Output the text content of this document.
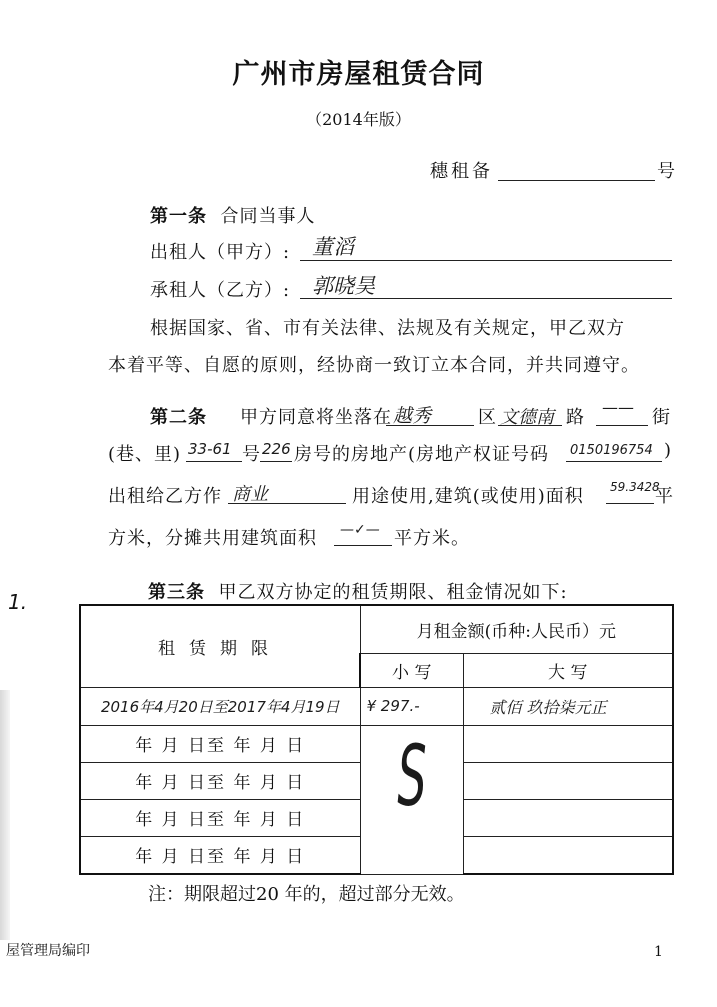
广州市房屋租赁合同
（2014年版）
穗租备	号
第一条 合同当事人
出租人（甲方）: 董滔
承租人（乙方）: 郭晓昊
根据国家、省、市有关法律、法规及有关规定，甲乙双方
本着平等、自愿的原则，经协商一致订立本合同，并共同遵守。
第二条 甲方同意将坐落在 越秀	区 文德南 路 —— 街
(巷、里) 33-61 号 226 房号的房地产(房地产权证号码 0150196754 )
出租给乙方作 商业	用途使用,建筑(或使用)面积 59.3428
平
方米，分摊共用建筑面积 —✓— 平方米。
1.	第三条 甲乙双方协定的租赁期限、租金情况如下:
租赁期限	月租金额(币种:人民币）元	
	小 写	大 写
2016年4月20日至2017年4月19日	¥ 297.-	贰佰 玖拾柒元正
年 月 日至 年 月 日	S	

年 月 日至 年 月 日		
年 月 日至 年 月 日		
年 月 日至 年 月 日		
注：期限超过20 年的，超过部分无效。
屋管理局编印	1
